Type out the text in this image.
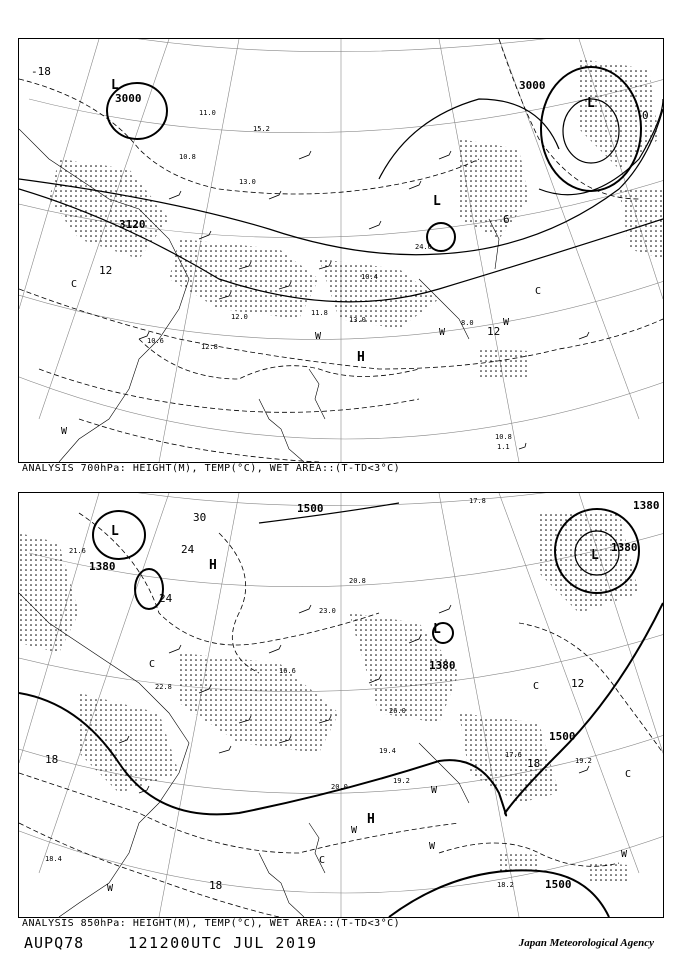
3000
3000
3120
-18
0
6
12
12
L
L
L
H
C
C
W
W	W
W
11.0
10.8
13.0
15.2
10.4
12.0
24.0
13.0
11.8
10.6
12.8
8.0
10.8
1.1
ANALYSIS 700hPa: HEIGHT(M), TEMP(°C), WET AREA::(T-TD<3°C)
1500
1380
1380
1380
1380
1500
1500
30
24
24
18	18
18
12
L
L
L
H
H
C
C
C
C
W
W
W
W
W
17.8
20.8
23.0
19.4
19.2
26.0
16.6
20.0
18.2
22.8
19.2
17.6
21.6
18.4
ANALYSIS 850hPa: HEIGHT(M), TEMP(°C), WET AREA::(T-TD<3°C)
AUPQ78	121200UTC JUL 2019	Japan Meteorological Agency
